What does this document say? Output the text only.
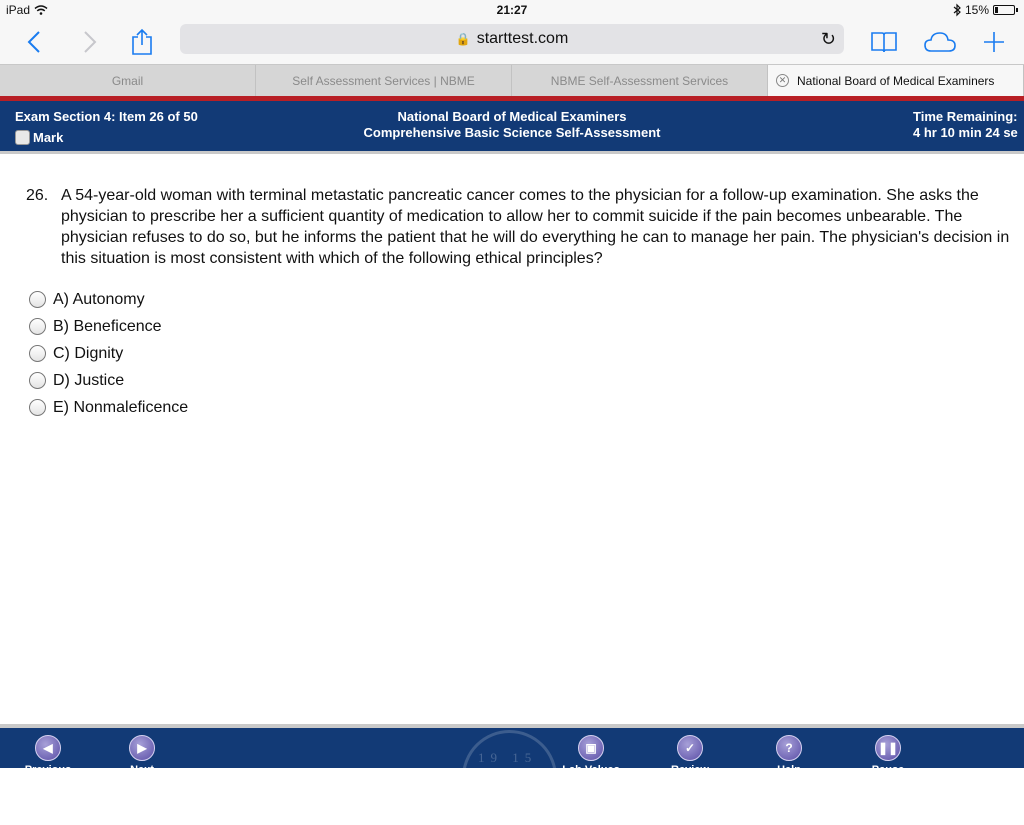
iPad	21:27	15%
🔒 starttest.com	↻
Gmail	Self Assessment Services | NBME	NBME Self-Assessment Services	✕ National Board of Medical Examiners
Exam Section 4: Item 26 of 50
Mark
National Board of Medical Examiners
Comprehensive Basic Science Self-Assessment
Time Remaining:
4 hr 10 min 24 se
26. A 54-year-old woman with terminal metastatic pancreatic cancer comes to the physician for a follow-up examination. She asks the physician to prescribe her a sufficient quantity of medication to allow her to commit suicide if the pain becomes unbearable. The physician refuses to do so, but he informs the patient that he will do everything he can to manage her pain. The physician's decision in this situation is most consistent with which of the following ethical principles?
A) Autonomy
B) Beneficence
C) Dignity
D) Justice
E) Nonmaleficence
19 15
◀
Previous
▶
Next
▣
Lab Values
✓
Review
?
Help
❚❚
Pause
